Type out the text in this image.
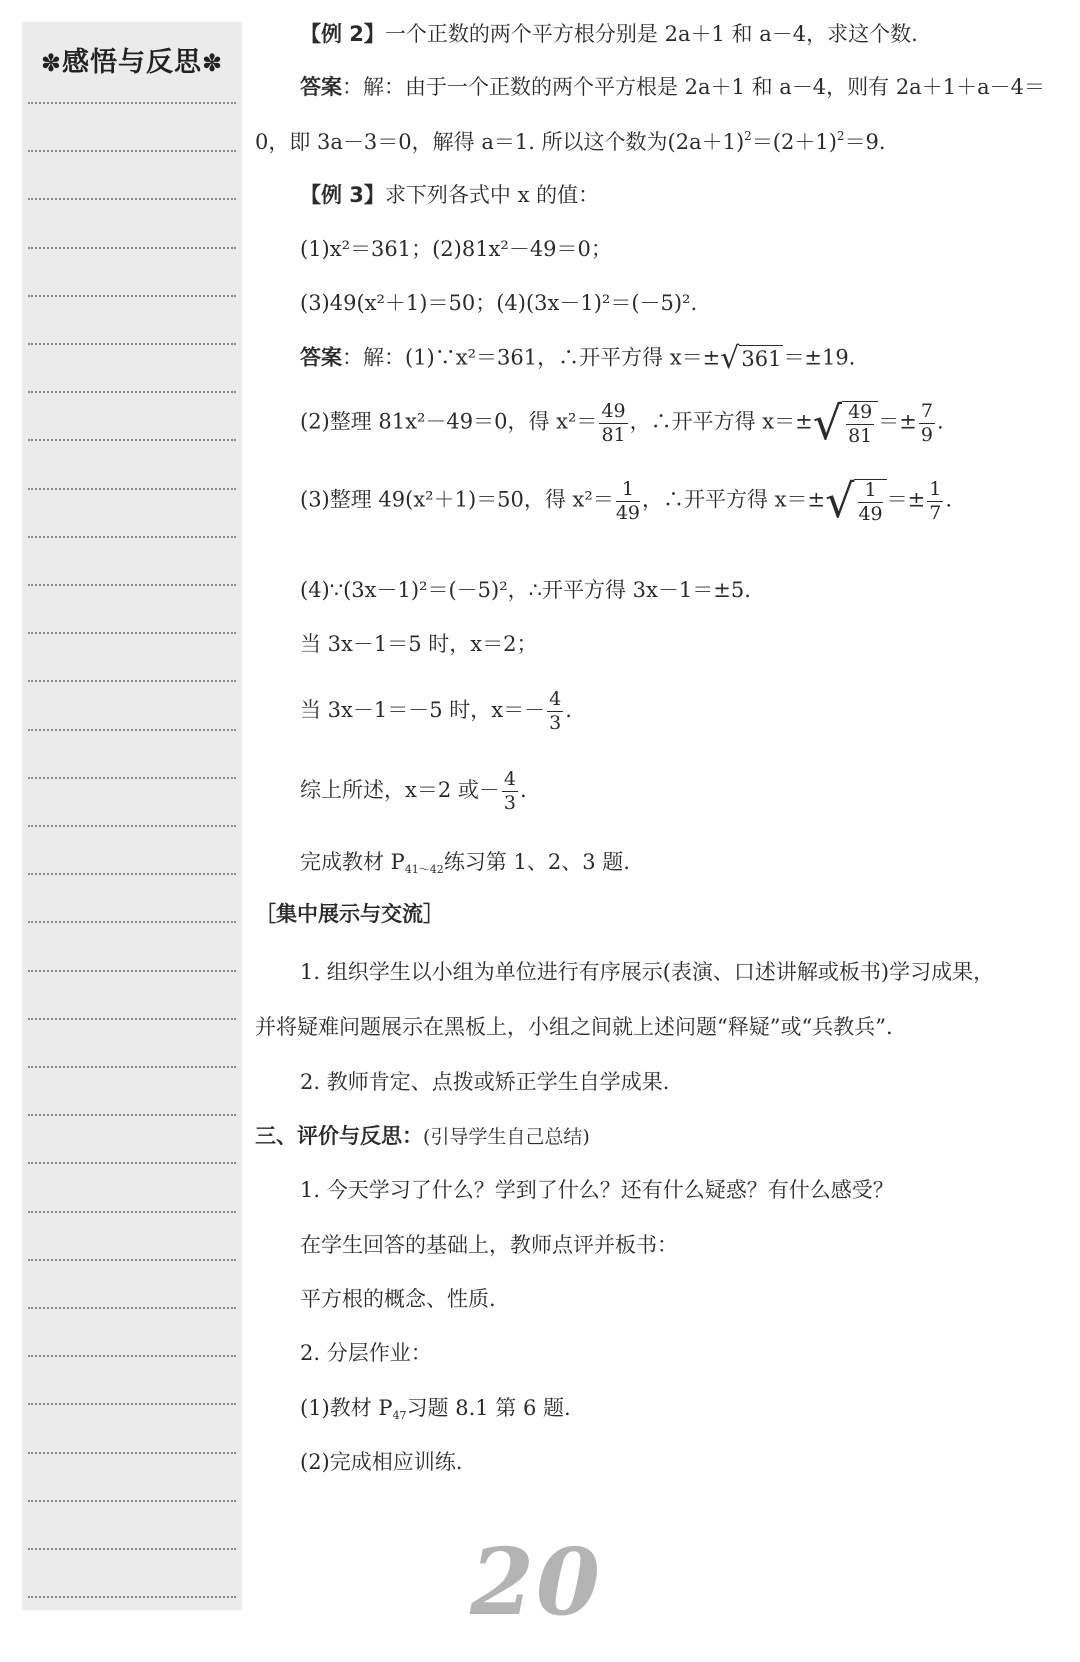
✽感悟与反思✽
【例 2】一个正数的两个平方根分别是 2a＋1 和 a－4，求这个数.
答案：解：由于一个正数的两个平方根是 2a＋1 和 a－4，则有 2a＋1＋a－4＝
0，即 3a－3＝0，解得 a＝1. 所以这个数为$(2a+1)^2=(2+1)^2=9$.
【例 3】求下列各式中 x 的值：
(1)x²＝361；(2)81x²－49＝0；
(3)49(x²＋1)＝50；(4)(3x－1)²＝(－5)².
答案：解：(1)∵x²＝361，∴开平方得 x＝±√361＝±19.
(2)整理 81x²－49＝0，得 $x^2= \frac{49}{81}$ ，∴开平方得 $x=\pm√ \frac{49}{81} =\pm \frac{7}{9}$ .
(3)整理 49(x²＋1)＝50，得 $x^2= \frac{1}{49}$ ，∴开平方得 $x=\pm√ \frac{1}{49} =\pm \frac{1}{7}$ .
(4)∵(3x－1)²＝(－5)²，∴开平方得 3x－1＝±5.
当 3x－1＝5 时，x＝2；
当 3x－1＝－5 时，$x=- \frac{4}{3}$ .
综上所述，x＝2 或－ $\frac{4}{3}$ .
完成教材 $P_{41\sim 42}$练习第 1、2、3 题.
［集中展示与交流］
1. 组织学生以小组为单位进行有序展示(表演、口述讲解或板书)学习成果，
并将疑难问题展示在黑板上，小组之间就上述问题“释疑”或“兵教兵”.
2. 教师肯定、点拨或矫正学生自学成果.
三、评价与反思：(引导学生自己总结)
1. 今天学习了什么？学到了什么？还有什么疑惑？有什么感受？
在学生回答的基础上，教师点评并板书：
平方根的概念、性质.
2. 分层作业：
(1)教材 $P_{47}$习题 8.1 第 6 题.
(2)完成相应训练.
20
